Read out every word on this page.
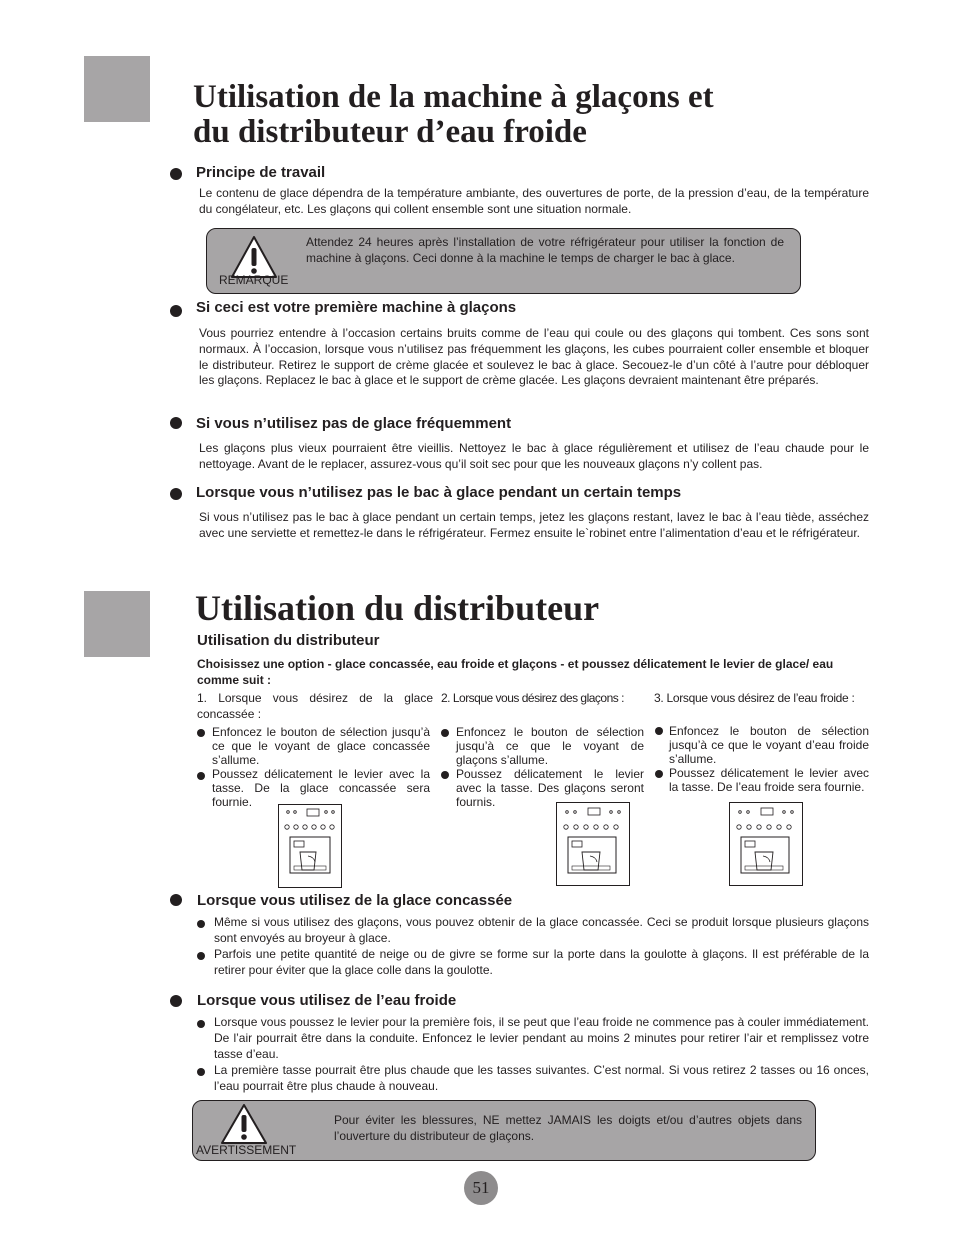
Utilisation de la machine à glaçons et
du distributeur d’eau froide
Principe de travail
Le contenu de glace dépendra de la température ambiante, des ouvertures de porte, de la pression d’eau, de la température du congélateur, etc. Les glaçons qui collent ensemble sont une situation normale.
REMARQUE
Attendez 24 heures après l’installation de votre réfrigérateur pour utiliser la fonction de machine à glaçons. Ceci donne à la machine le temps de charger le bac à glace.
Si ceci est votre première machine à glaçons
Vous pourriez entendre à l’occasion certains bruits comme de l’eau qui coule ou des glaçons qui tombent. Ces sons sont normaux. À l’occasion, lorsque vous n’utilisez pas fréquemment les glaçons, les cubes pourraient coller ensemble et bloquer le distributeur. Retirez le support de crème glacée et soulevez le bac à glace. Secouez-le d’un côté à l’autre pour débloquer les glaçons. Replacez le bac à glace et le support de crème glacée. Les glaçons devraient maintenant être préparés.
Si vous n’utilisez pas de glace fréquemment
Les glaçons plus vieux pourraient être vieillis. Nettoyez le bac à glace régulièrement et utilisez de l’eau chaude pour le nettoyage. Avant de le replacer, assurez-vous qu’il soit sec pour que les nouveaux glaçons n’y collent pas.
Lorsque vous n’utilisez pas le bac à glace pendant un certain temps
Si vous n’utilisez pas le bac à glace pendant un certain temps, jetez les glaçons restant, lavez le bac à l’eau tiède, asséchez avec une serviette et remettez-le dans le réfrigérateur. Fermez ensuite le`robinet entre l’alimentation d’eau et le réfrigérateur.
Utilisation du distributeur
Utilisation du distributeur
Choisissez une option - glace concassée, eau froide et glaçons - et poussez délicatement le levier de glace/ eau comme suit :
1. Lorsque vous désirez de la glace concassée :
Enfoncez le bouton de sélection jusqu’à ce que le voyant de glace concassée s’allume.
Poussez délicatement le levier avec la tasse. De la glace concassée sera fournie.
2. Lorsque vous désirez des glaçons :
Enfoncez le bouton de sélection jusqu’à ce que le voyant de glaçons s’allume.
Poussez délicatement le levier avec la tasse. Des glaçons seront fournis.
3. Lorsque vous désirez de l’eau froide :
Enfoncez le bouton de sélection jusqu’à ce que le voyant d’eau froide s’allume.
Poussez délicatement le levier avec la tasse. De l’eau froide sera fournie.
Lorsque vous utilisez de la glace concassée
Même si vous utilisez des glaçons, vous pouvez obtenir de la glace concassée. Ceci se produit lorsque plusieurs glaçons sont envoyés au broyeur à glace.
Parfois une petite quantité de neige ou de givre se forme sur la porte dans la goulotte à glaçons. Il est préférable de la retirer pour éviter que la glace colle dans la goulotte.
Lorsque vous utilisez de l’eau froide
Lorsque vous poussez le levier pour la première fois, il se peut que l’eau froide ne commence pas à couler immédiatement. De l’air pourrait être dans la conduite. Enfoncez le levier pendant au moins 2 minutes pour retirer l’air et remplissez votre tasse d’eau.
La première tasse pourrait être plus chaude que les tasses suivantes. C’est normal. Si vous retirez 2 tasses ou 16 onces, l’eau pourrait être plus chaude à nouveau.
AVERTISSEMENT
Pour éviter les blessures, NE mettez JAMAIS les doigts et/ou d’autres objets dans l’ouverture du distributeur de glaçons.
51
